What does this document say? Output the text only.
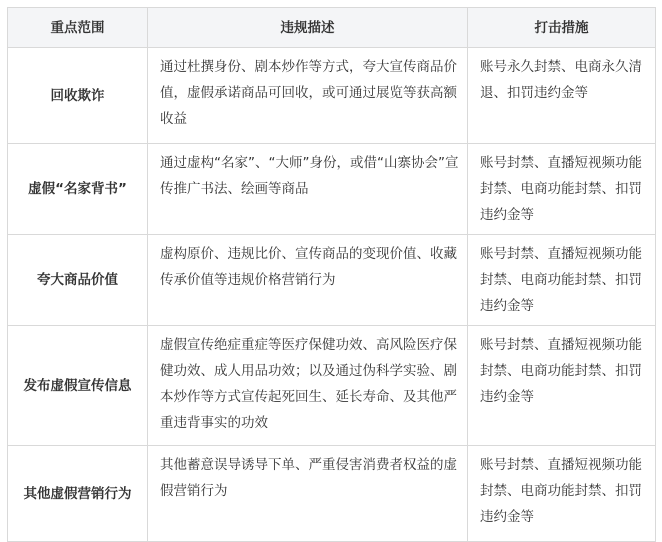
重点范围	违规描述	打击措施
回收欺诈	通过杜撰身份、剧本炒作等方式，夸大宣传商品价值，虚假承诺商品可回收，或可通过展览等获高额收益	账号永久封禁、电商永久清退、扣罚违约金等
虚假“名家背书”	通过虚构“名家”、“大师”身份，或借“山寨协会”宣传推广书法、绘画等商品	账号封禁、直播短视频功能封禁、电商功能封禁、扣罚违约金等
夸大商品价值	虚构原价、违规比价、宣传商品的变现价值、收藏传承价值等违规价格营销行为	账号封禁、直播短视频功能封禁、电商功能封禁、扣罚违约金等
发布虚假宣传信息	虚假宣传绝症重症等医疗保健功效、高风险医疗保健功效、成人用品功效；以及通过伪科学实验、剧本炒作等方式宣传起死回生、延长寿命、及其他严重违背事实的功效	账号封禁、直播短视频功能封禁、电商功能封禁、扣罚违约金等
其他虚假营销行为	其他蓄意误导诱导下单、严重侵害消费者权益的虚假营销行为	账号封禁、直播短视频功能封禁、电商功能封禁、扣罚违约金等
